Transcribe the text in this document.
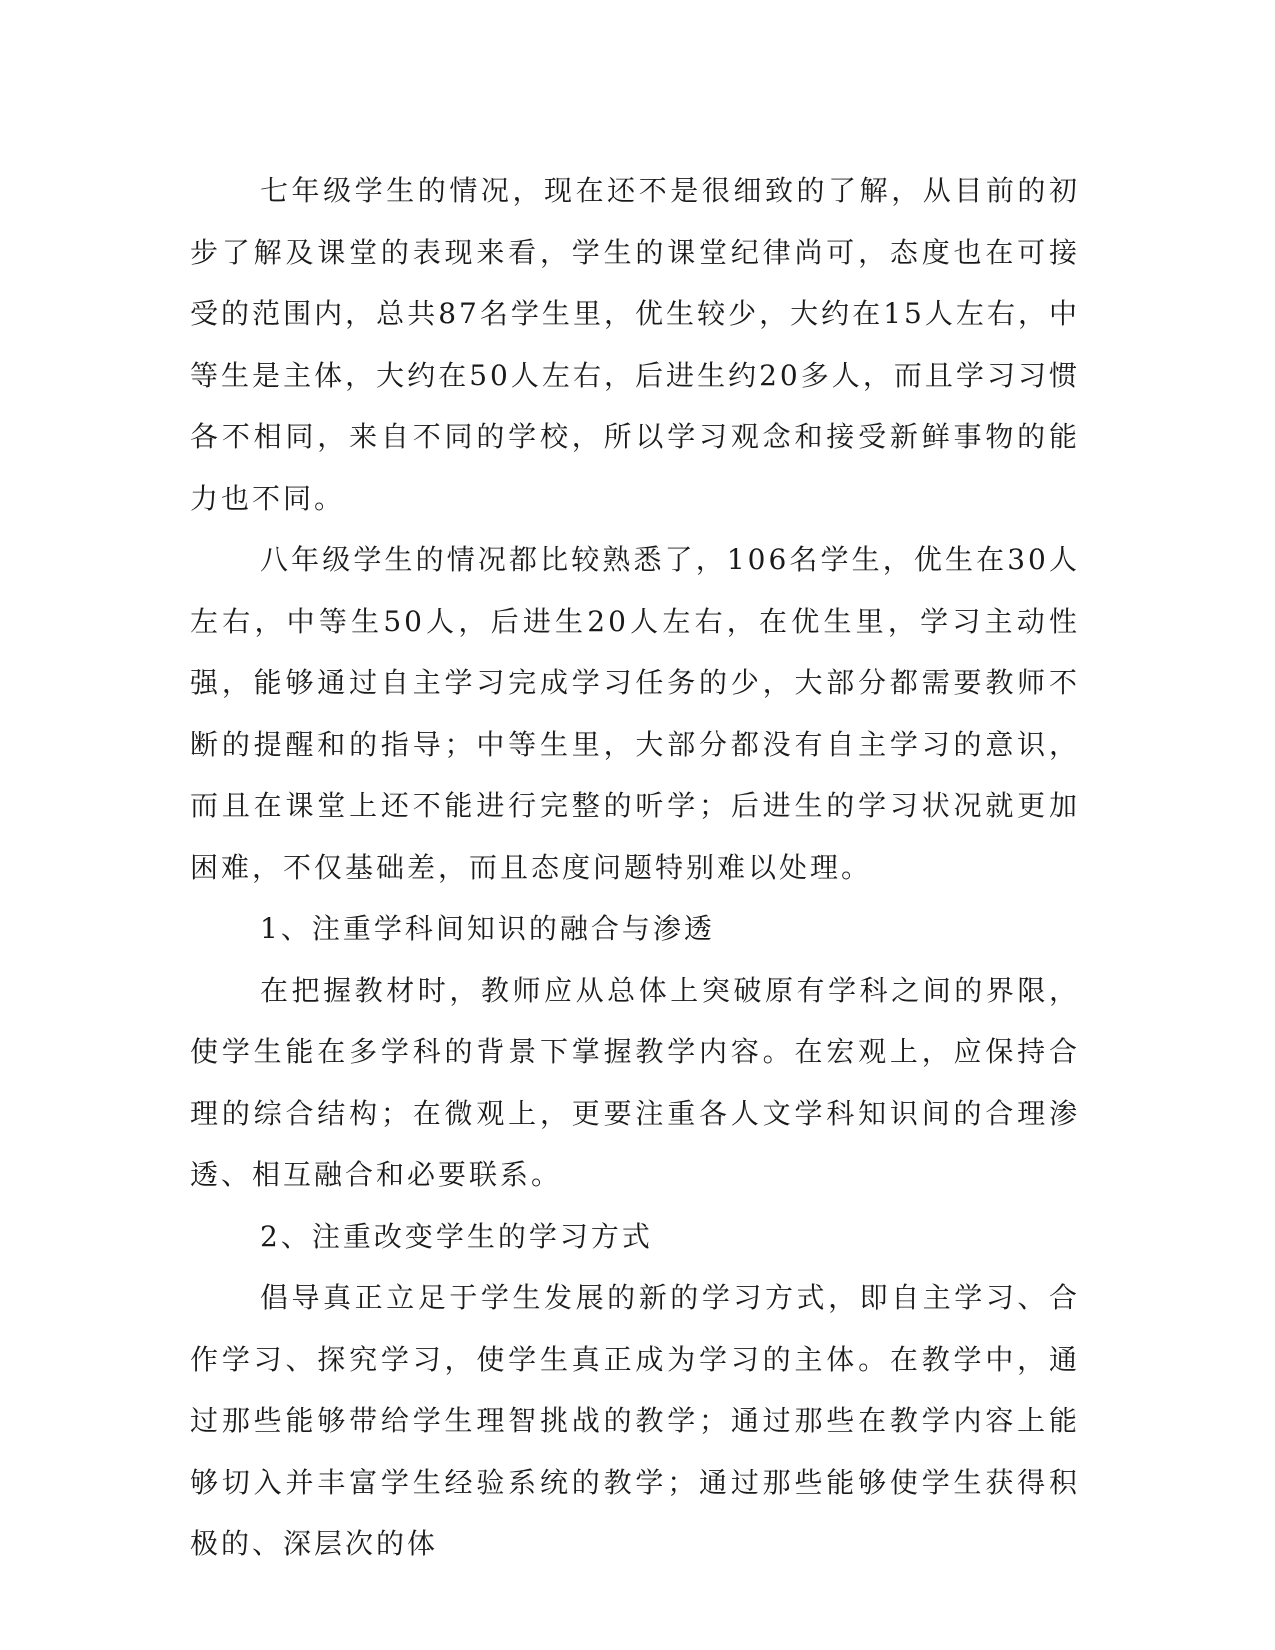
七年级学生的情况，现在还不是很细致的了解，从目前的初步了解及课堂的表现来看，学生的课堂纪律尚可，态度也在可接受的范围内，总共87名学生里，优生较少，大约在15人左右，中等生是主体，大约在50人左右，后进生约20多人，而且学习习惯各不相同，来自不同的学校，所以学习观念和接受新鲜事物的能力也不同。

八年级学生的情况都比较熟悉了，106名学生，优生在30人左右，中等生50人，后进生20人左右，在优生里，学习主动性强，能够通过自主学习完成学习任务的少，大部分都需要教师不断的提醒和的指导；中等生里，大部分都没有自主学习的意识，而且在课堂上还不能进行完整的听学；后进生的学习状况就更加困难，不仅基础差，而且态度问题特别难以处理。

1、注重学科间知识的融合与渗透

在把握教材时，教师应从总体上突破原有学科之间的界限，使学生能在多学科的背景下掌握教学内容。在宏观上，应保持合理的综合结构；在微观上，更要注重各人文学科知识间的合理渗透、相互融合和必要联系。

2、注重改变学生的学习方式

倡导真正立足于学生发展的新的学习方式，即自主学习、合作学习、探究学习，使学生真正成为学习的主体。在教学中，通过那些能够带给学生理智挑战的教学；通过那些在教学内容上能够切入并丰富学生经验系统的教学；通过那些能够使学生获得积极的、深层次的体
